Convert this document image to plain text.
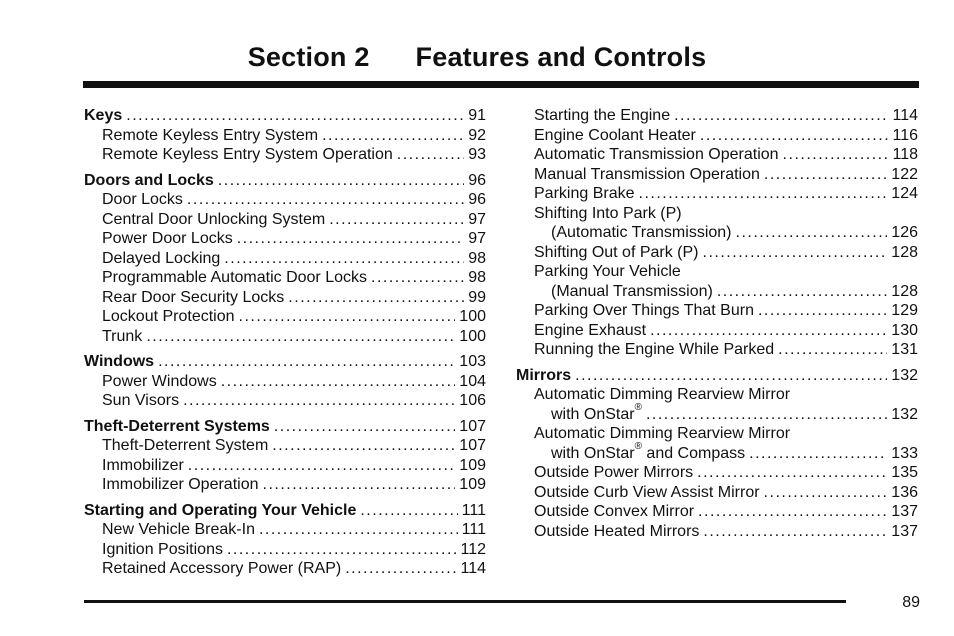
Section 2 Features and Controls
Keys .....	91
Remote Keyless Entry System .....	92
Remote Keyless Entry System Operation .....	93
Doors and Locks .....	96
Door Locks .....	96
Central Door Unlocking System .....	97
Power Door Locks .....	97
Delayed Locking .....	98
Programmable Automatic Door Locks .....	98
Rear Door Security Locks .....	99
Lockout Protection .....	100
Trunk .....	100
Windows .....	103
Power Windows .....	104
Sun Visors .....	106
Theft-Deterrent Systems .....	107
Theft-Deterrent System .....	107
Immobilizer .....	109
Immobilizer Operation .....	109
Starting and Operating Your Vehicle .....	111
New Vehicle Break-In .....	111
Ignition Positions .....	112
Retained Accessory Power (RAP) .....	114
Starting the Engine .....	114
Engine Coolant Heater .....	116
Automatic Transmission Operation .....	118
Manual Transmission Operation .....	122
Parking Brake .....	124
Shifting Into Park (P)
(Automatic Transmission) .....	126
Shifting Out of Park (P) .....	128
Parking Your Vehicle
(Manual Transmission) .....	128
Parking Over Things That Burn .....	129
Engine Exhaust .....	130
Running the Engine While Parked .....	131
Mirrors .....	132
Automatic Dimming Rearview Mirror
with OnStar® .....	132
Automatic Dimming Rearview Mirror
with OnStar® and Compass .....	133
Outside Power Mirrors .....	135
Outside Curb View Assist Mirror .....	136
Outside Convex Mirror .....	137
Outside Heated Mirrors .....	137
89
